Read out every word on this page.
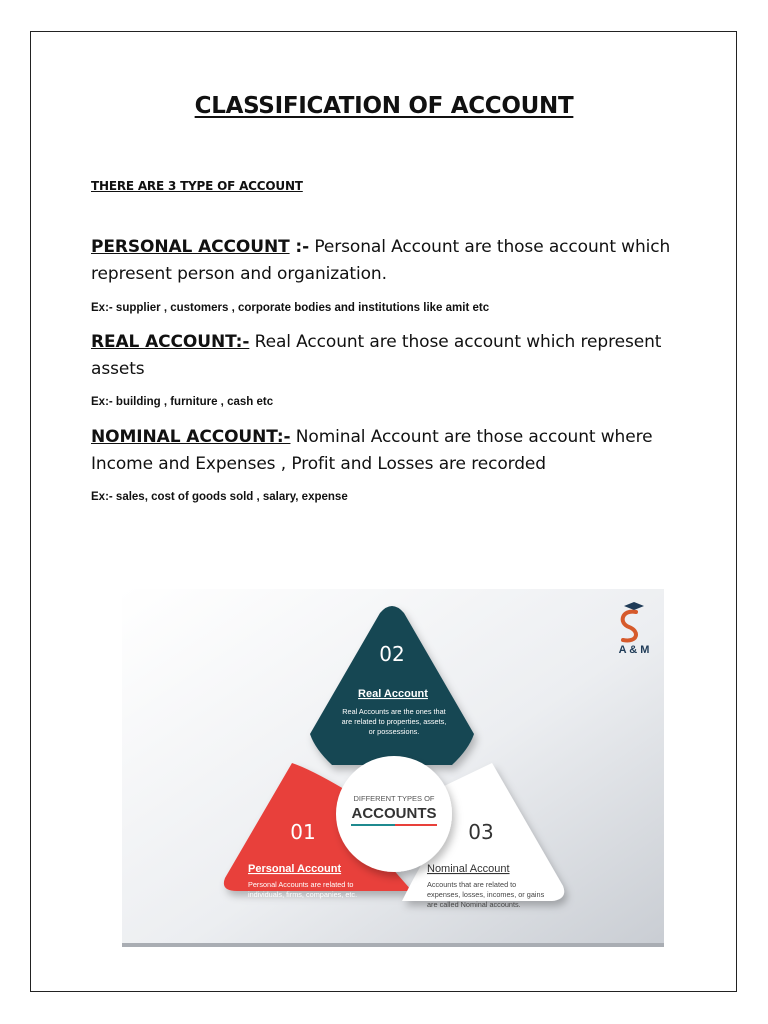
CLASSIFICATION OF ACCOUNT
THERE ARE 3 TYPE OF ACCOUNT
PERSONAL ACCOUNT :- Personal Account are those account which represent person and organization.
Ex:- supplier , customers , corporate bodies and institutions like amit etc
REAL ACCOUNT:- Real Account are those account which represent assets
Ex:- building , furniture , cash etc
NOMINAL ACCOUNT:- Nominal Account are those account where Income and Expenses , Profit and Losses are recorded
Ex:- sales, cost of goods sold , salary, expense
A & M
02
Real Account
Real Accounts are the ones that
are related to properties, assets,
or possessions.
01
Personal Account
Personal Accounts are related to
individuals, firms, companies, etc.
03
Nominal Account
Accounts that are related to
expenses, losses, incomes, or gains
are called Nominal accounts.
DIFFERENT TYPES OF
ACCOUNTS
